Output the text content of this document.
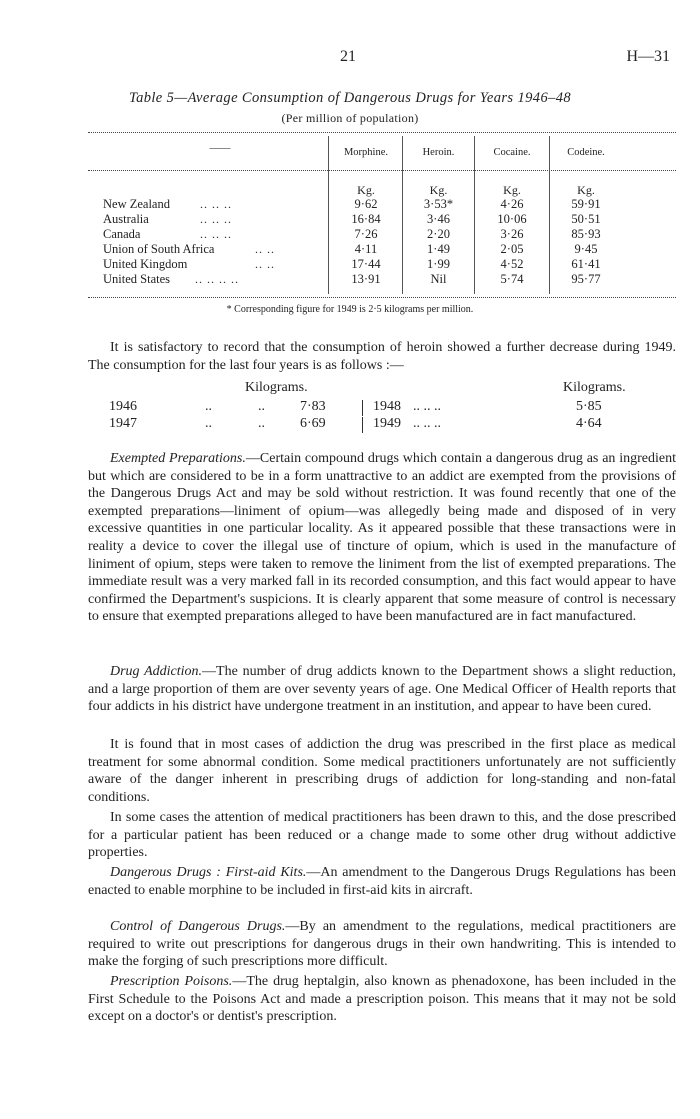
21	H—31
Table 5—Average Consumption of Dangerous Drugs for Years 1946–48
(Per million of population)
——	Morphine.	Heroin.	Cocaine.	Codeine.
Kg.	Kg.	Kg.	Kg.
New Zealand	.. .. ..	9·62	3·53*	4·26	59·91
Australia	.. .. ..	16·84	3·46	10·06	50·51
Canada	.. .. ..	7·26	2·20	3·26	85·93
Union of South Africa	.. ..	4·11	1·49	2·05	9·45
United Kingdom	.. ..	17·44	1·99	4·52	61·41
United States .. .. .. ..	13·91	Nil	5·74	95·77
* Corresponding figure for 1949 is 2·5 kilograms per million.

It is satisfactory to record that the consumption of heroin showed a further decrease during 1949. The consumption for the last four years is as follows :—

Kilograms.	Kilograms.
1946	..	..	7·83	1948 .. .. ..	5·85
1947	..	..	6·69	1949 .. .. ..	4·64

Exempted Preparations.—Certain compound drugs which contain a dangerous drug as an ingredient but which are considered to be in a form unattractive to an addict are exempted from the provisions of the Dangerous Drugs Act and may be sold without restriction. It was found recently that one of the exempted preparations—liniment of opium—was allegedly being made and disposed of in very excessive quantities in one particular locality. As it appeared possible that these transactions were in reality a device to cover the illegal use of tincture of opium, which is used in the manufacture of liniment of opium, steps were taken to remove the liniment from the list of exempted preparations. The immediate result was a very marked fall in its recorded consumption, and this fact would appear to have confirmed the Department's suspicions. It is clearly apparent that some measure of control is necessary to ensure that exempted preparations alleged to have been manufactured are in fact manufactured.

Drug Addiction.—The number of drug addicts known to the Department shows a slight reduction, and a large proportion of them are over seventy years of age. One Medical Officer of Health reports that four addicts in his district have undergone treatment in an institution, and appear to have been cured.

It is found that in most cases of addiction the drug was prescribed in the first place as medical treatment for some abnormal condition. Some medical practitioners unfortunately are not sufficiently aware of the danger inherent in prescribing drugs of addiction for long-standing and non-fatal conditions.

In some cases the attention of medical practitioners has been drawn to this, and the dose prescribed for a particular patient has been reduced or a change made to some other drug without addictive properties.

Dangerous Drugs : First-aid Kits.—An amendment to the Dangerous Drugs Regulations has been enacted to enable morphine to be included in first-aid kits in aircraft.

Control of Dangerous Drugs.—By an amendment to the regulations, medical practitioners are required to write out prescriptions for dangerous drugs in their own handwriting. This is intended to make the forging of such prescriptions more difficult.

Prescription Poisons.—The drug heptalgin, also known as phenadoxone, has been included in the First Schedule to the Poisons Act and made a prescription poison. This means that it may not be sold except on a doctor's or dentist's prescription.
